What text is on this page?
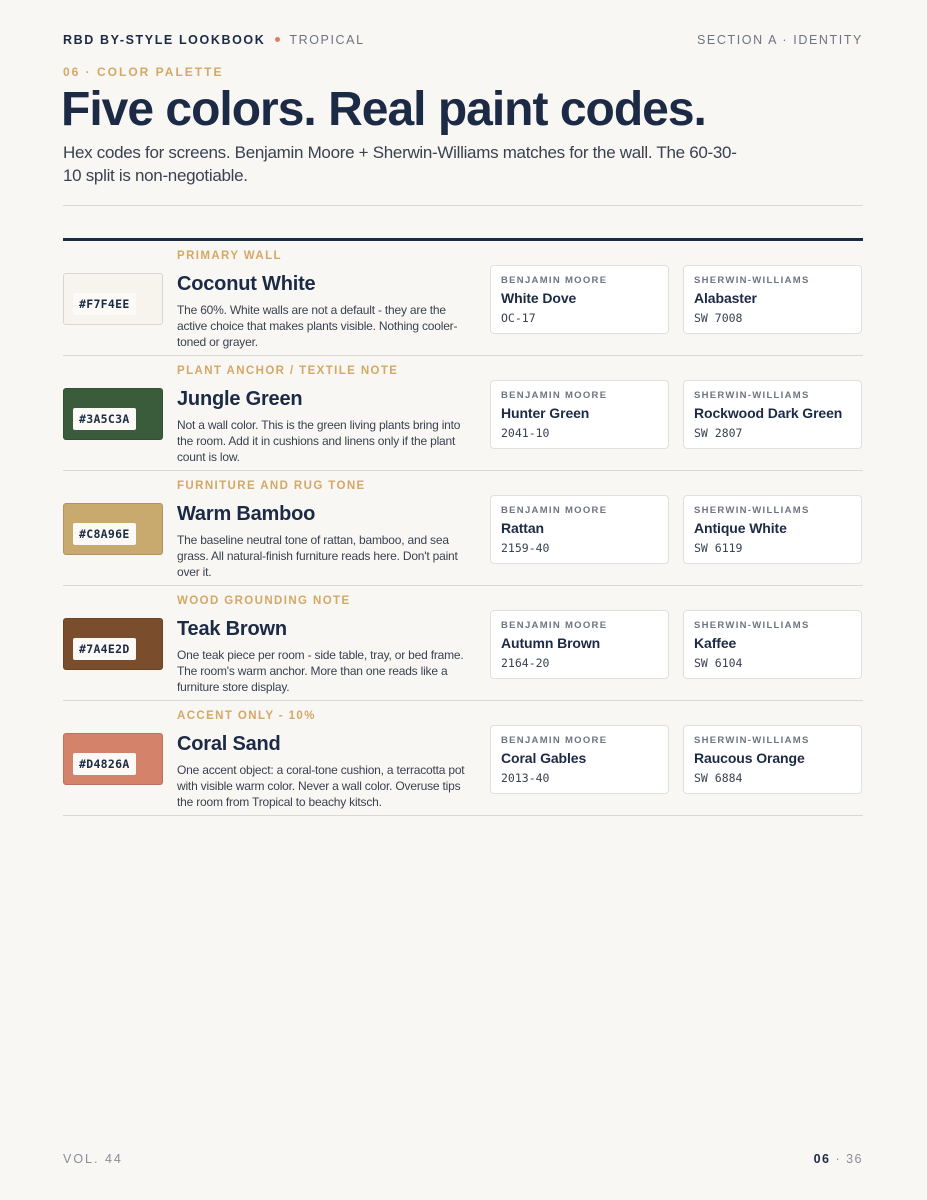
RBD BY-STYLE LOOKBOOK TROPICAL	SECTION A · IDENTITY
06 · COLOR PALETTE
Five colors. Real paint codes.

Hex codes for screens. Benjamin Moore + Sherwin-Williams matches for the wall. The 60-30-10 split is non-negotiable.

#F7F4EE
PRIMARY WALL
Coconut White
The 60%. White walls are not a default - they are the active choice that makes plants visible. Nothing cooler-toned or grayer.
BENJAMIN MOORE
White Dove
OC-17
SHERWIN-WILLIAMS
Alabaster
SW 7008
#3A5C3A
PLANT ANCHOR / TEXTILE NOTE
Jungle Green
Not a wall color. This is the green living plants bring into the room. Add it in cushions and linens only if the plant count is low.
BENJAMIN MOORE
Hunter Green
2041-10
SHERWIN-WILLIAMS
Rockwood Dark Green
SW 2807
#C8A96E
FURNITURE AND RUG TONE
Warm Bamboo
The baseline neutral tone of rattan, bamboo, and sea grass. All natural-finish furniture reads here. Don't paint over it.
BENJAMIN MOORE
Rattan
2159-40
SHERWIN-WILLIAMS
Antique White
SW 6119
#7A4E2D
WOOD GROUNDING NOTE
Teak Brown
One teak piece per room - side table, tray, or bed frame. The room's warm anchor. More than one reads like a furniture store display.
BENJAMIN MOORE
Autumn Brown
2164-20
SHERWIN-WILLIAMS
Kaffee
SW 6104
#D4826A
ACCENT ONLY - 10%
Coral Sand
One accent object: a coral-tone cushion, a terracotta pot with visible warm color. Never a wall color. Overuse tips the room from Tropical to beachy kitsch.
BENJAMIN MOORE
Coral Gables
2013-40
SHERWIN-WILLIAMS
Raucous Orange
SW 6884
VOL. 44	06 · 36
